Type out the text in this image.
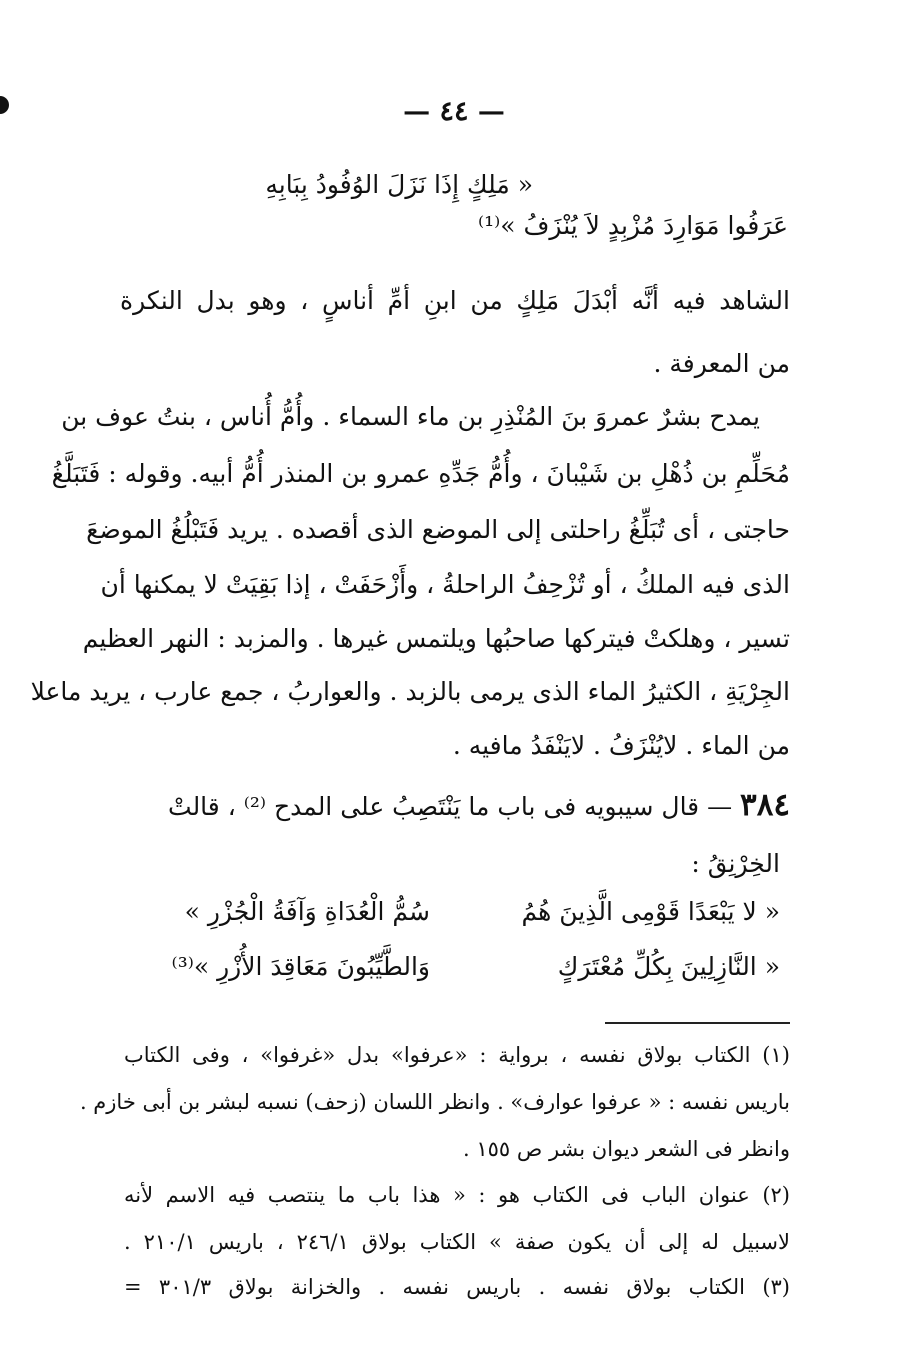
— ٤٤ —
« مَلِكٍ إِذَا نَزَلَ الوُفُودُ بِبَابِهِ
عَرَفُوا مَوَارِدَ مُزْبِدٍ لاَ يُنْزَفُ »⁽¹⁾
الشاهد فيه أنَّه أبْدَلَ مَلِكٍ من ابنِ أمِّ أناسٍ ، وهو بدل النكرة
من المعرفة .
يمدح بشرٌ عمروَ بنَ المُنْذِرِ بن ماء السماء . وأُمُّ أُناس ، بنتُ عوف بن
مُحَلِّمِ بن ذُهْلِ بن شَيْبانَ ، وأُمُّ جَدِّهِ عمرو بن المنذر أُمُّ أبيه. وقوله : فَتَبَلَّغُ
حاجتى ، أى تُبَلِّغُ راحلتى إلى الموضع الذى أقصده . يريد فَتَبْلُغُ الموضعَ
الذى فيه الملكُ ، أو تُزْحِفُ الراحلةُ ، وأَزْحَفَتْ ، إذا بَقِيَتْ لا يمكنها أن
تسير ، وهلكتْ فيتركها صاحبُها ويلتمس غيرها . والمزبد : النهر العظيم
الجِرْيَةِ ، الكثيرُ الماء الذى يرمى بالزبد . والعواربُ ، جمع عارب ، يريد ماعلا
من الماء . لايُنْزَفُ . لايَنْفَدُ مافيه .
٣٨٤ — قال سيبويه فى باب ما يَنْتَصِبُ على المدح ⁽²⁾ ، قالتْ
الخِرْنِقُ :
« لا يَبْعَدًا قَوْمِى الَّذِينَ هُمُ
سُمُّ الْعُدَاةِ وَآفَةُ الْجُزْرِ »
« النَّازِلِينَ بِكُلِّ مُعْتَرَكٍ
وَالطَّيِّبُونَ مَعَاقِدَ الأُزْرِ »⁽³⁾
(١) الكتاب بولاق نفسه ، برواية : «عرفوا» بدل «غرفوا» ، وفى الكتاب
باريس نفسه : « عرفوا عوارف» . وانظر اللسان (زحف) نسبه لبشر بن أبى خازم .
وانظر فى الشعر ديوان بشر ص ١٥٥ .
(٢) عنوان الباب فى الكتاب هو : « هذا باب ما ينتصب فيه الاسم لأنه
لاسبيل له إلى أن يكون صفة » الكتاب بولاق ٢٤٦/١ ، باريس ٢١٠/١ .
(٣) الكتاب بولاق نفسه . باريس نفسه . والخزانة بولاق ٣٠١/٣ =
